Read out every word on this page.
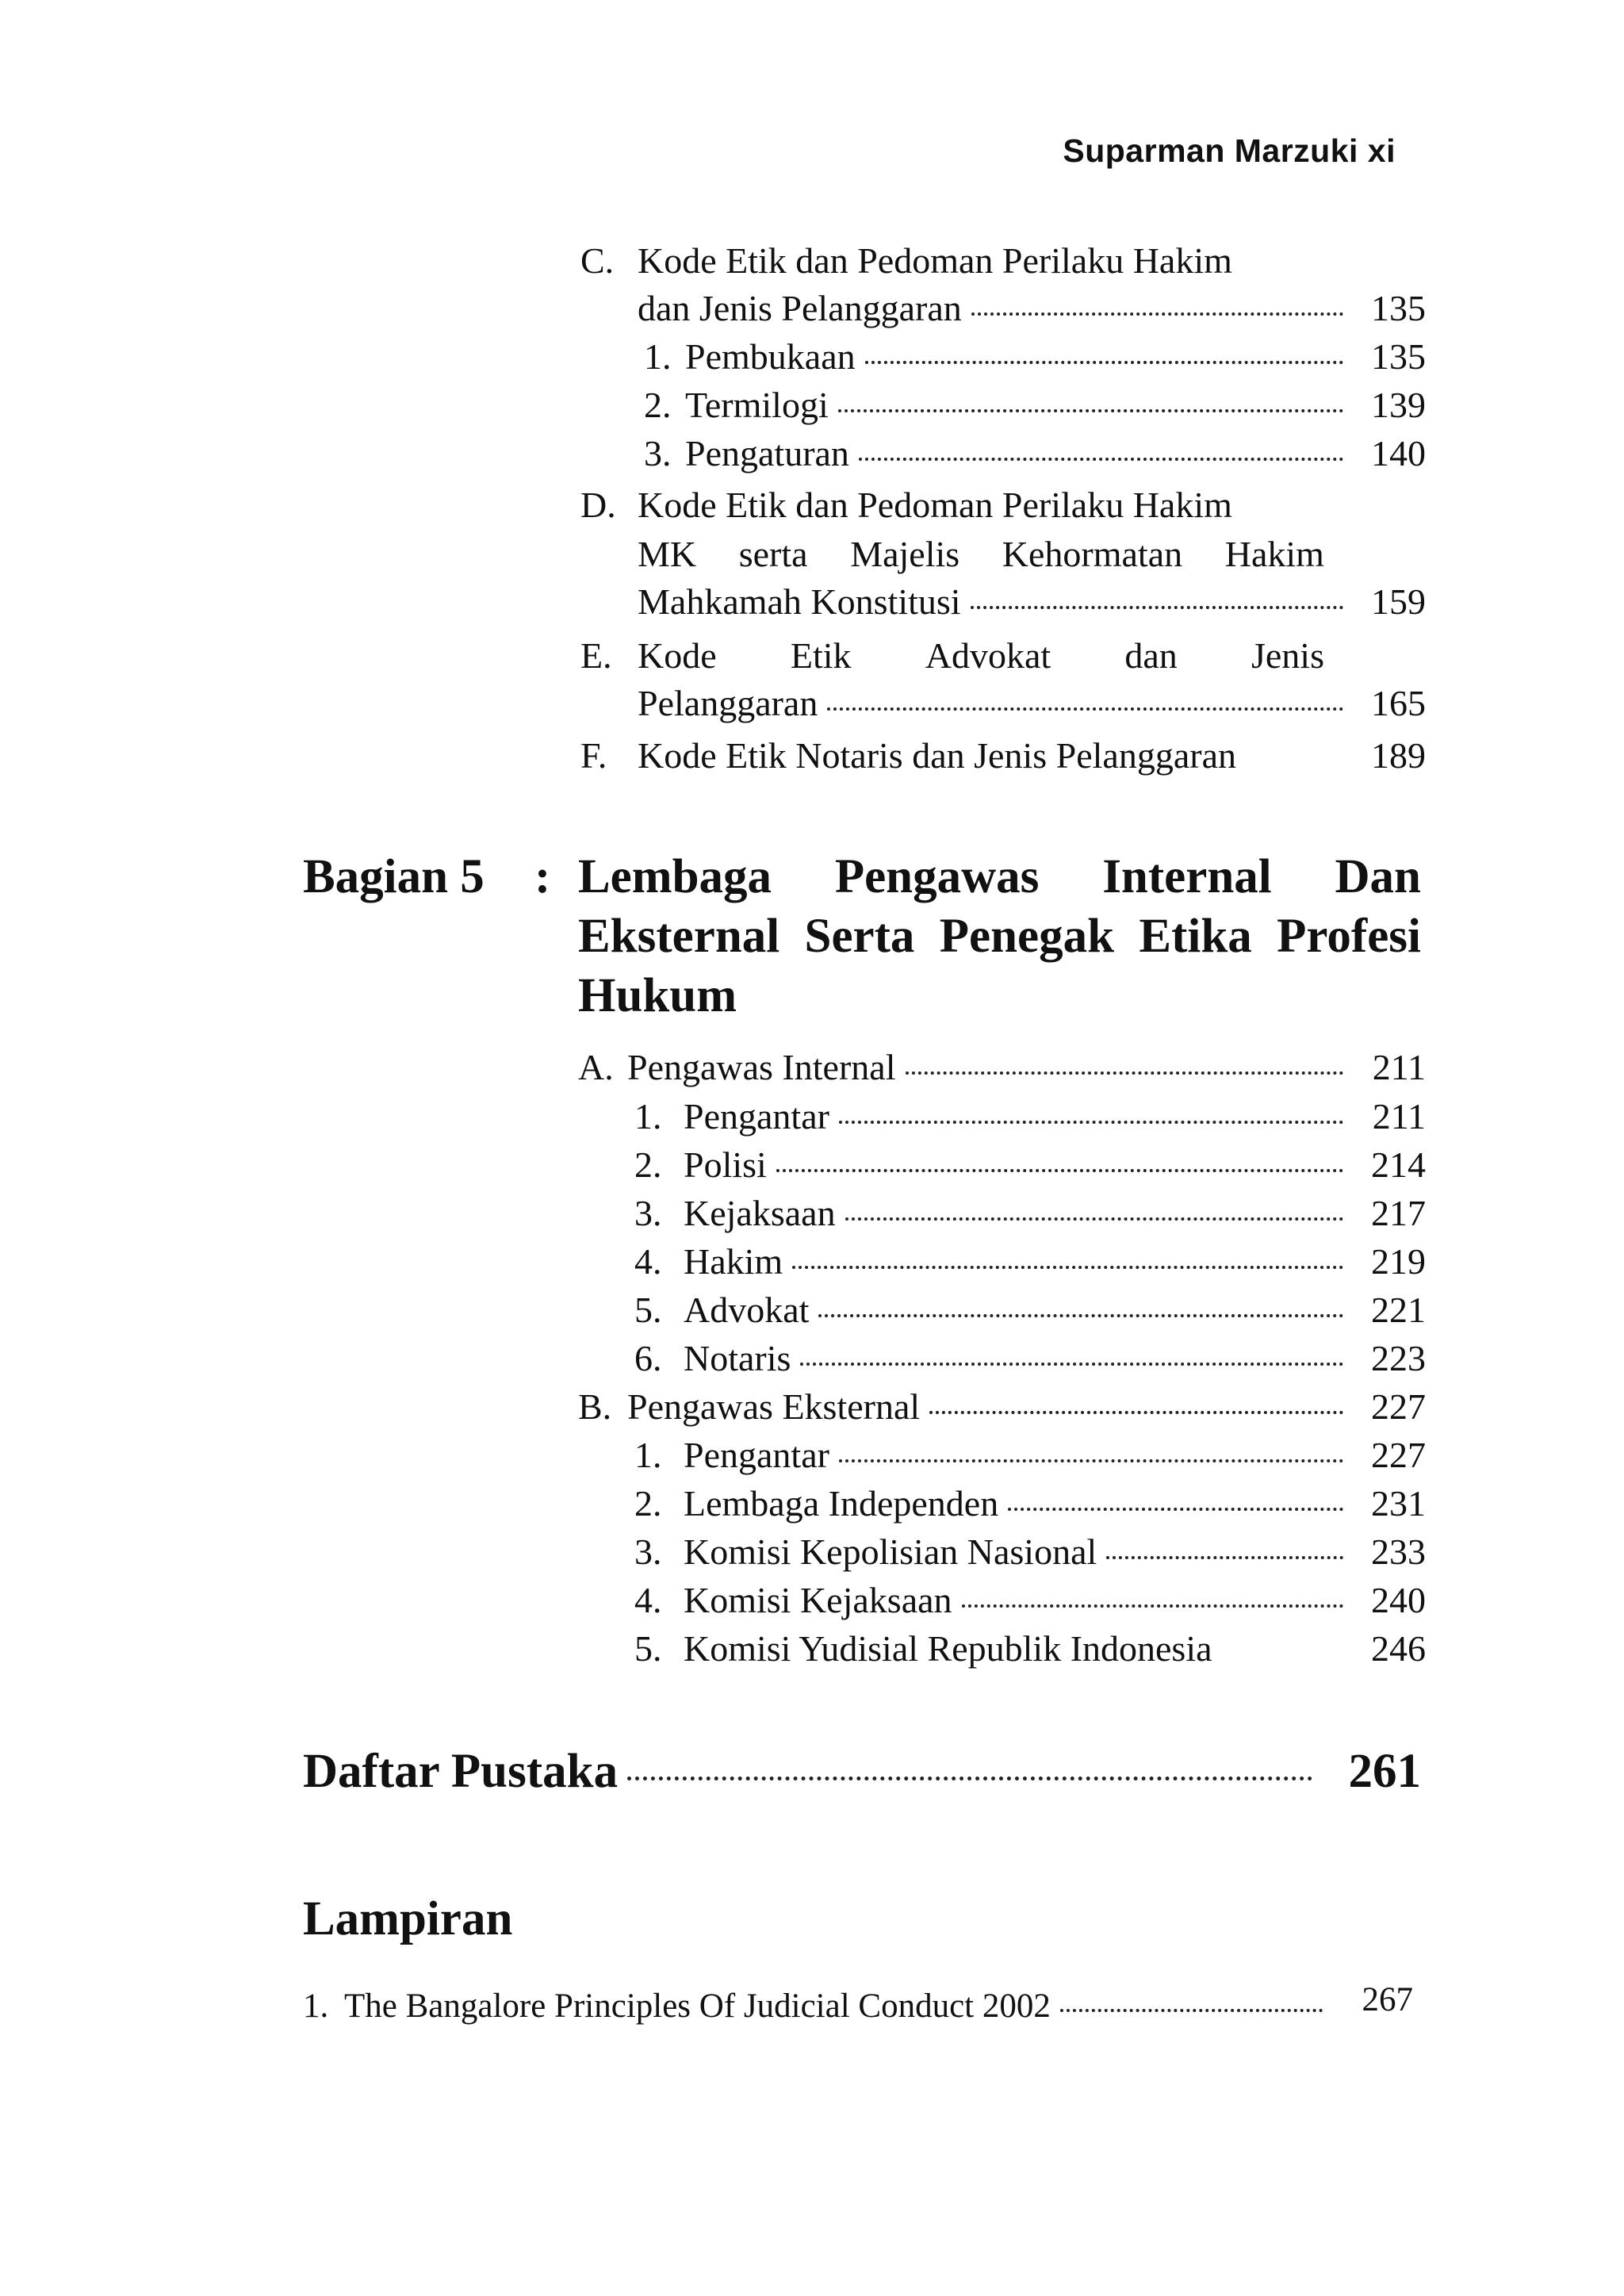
Suparman Marzuki xi
C. Kode Etik dan Pedoman Perilaku Hakim
dan Jenis Pelanggaran	135
1. Pembukaan	135
2. Termilogi	139
3. Pengaturan	140
D. Kode Etik dan Pedoman Perilaku Hakim
MK serta Majelis Kehormatan Hakim
Mahkamah Konstitusi	159
E. Kode Etik Advokat dan Jenis
Pelanggaran	165
F. Kode Etik Notaris dan Jenis Pelanggaran	189
Bagian 5 : Lembaga Pengawas Internal Dan
Eksternal Serta Penegak Etika Profesi
Hukum
A. Pengawas Internal	211
1. Pengantar	211
2. Polisi	214
3. Kejaksaan	217
4. Hakim	219
5. Advokat	221
6. Notaris	223
B. Pengawas Eksternal	227
1. Pengantar	227
2. Lembaga Independen	231
3. Komisi Kepolisian Nasional	233
4. Komisi Kejaksaan	240
5. Komisi Yudisial Republik Indonesia	246
Daftar Pustaka	261
Lampiran
1. The Bangalore Principles Of Judicial Conduct 2002	267
